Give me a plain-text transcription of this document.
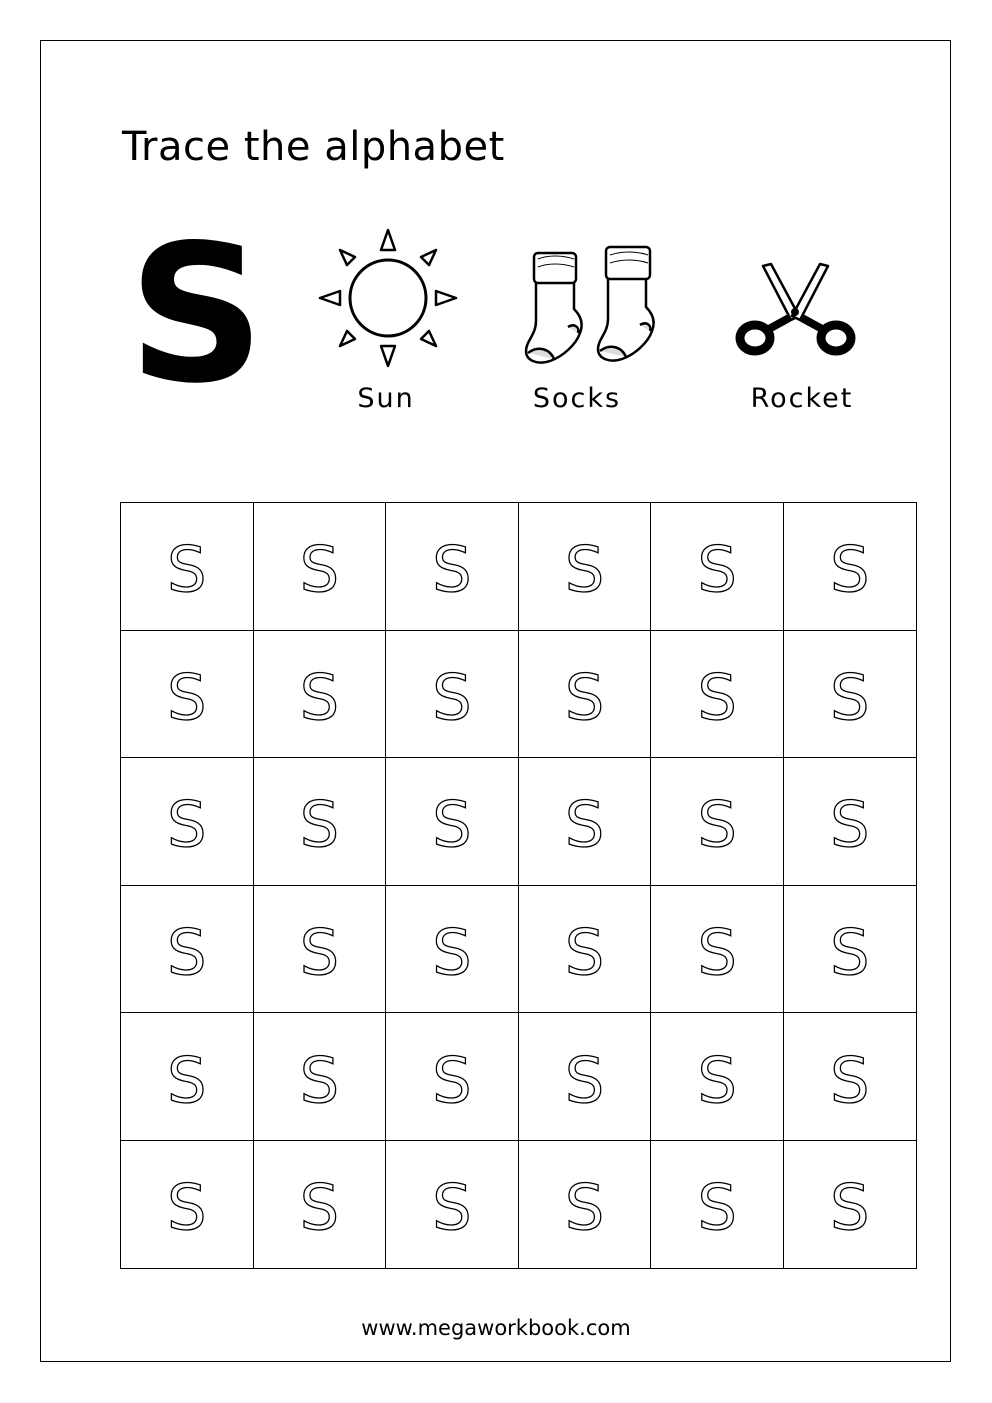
Trace the alphabet
S	Sun	Socks	Rocket
S	S	S	S	S	S
S	S	S	S	S	S
S	S	S	S	S	S
S	S	S	S	S	S
S	S	S	S	S	S
S	S	S	S	S	S
www.megaworkbook.com
